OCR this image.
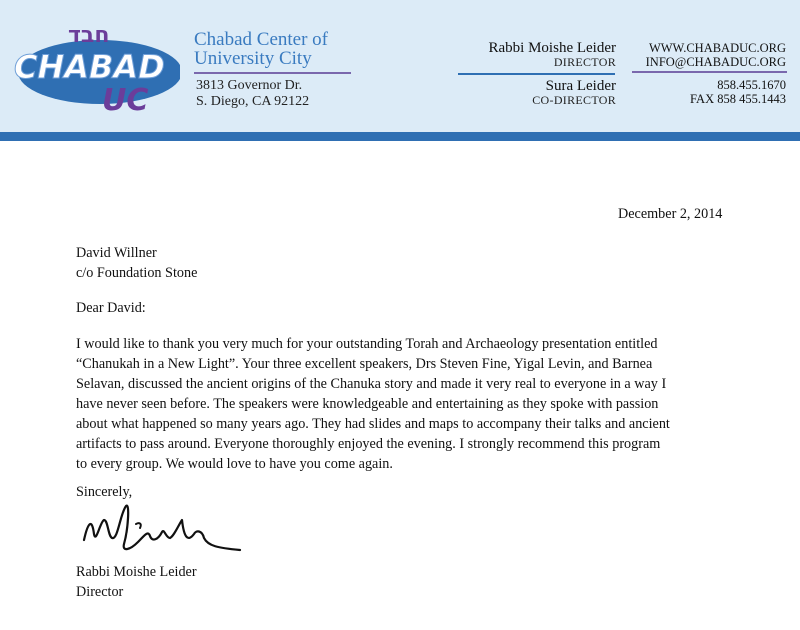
חבד
CHABAD
UC
Chabad Center of
University City
3813 Governor Dr.
S. Diego, CA 92122
Rabbi Moishe Leider
DIRECTOR
Sura Leider
CO-DIRECTOR
WWW.CHABADUC.ORG
INFO@CHABADUC.ORG
858.455.1670
FAX 858 455.1443
December 2, 2014
David Willner
c/o Foundation Stone
Dear David:
I would like to thank you very much for your outstanding Torah and Archaeology presentation entitled
“Chanukah in a New Light”. Your three excellent speakers, Drs Steven Fine, Yigal Levin, and Barnea
Selavan, discussed the ancient origins of the Chanuka story and made it very real to everyone in a way I
have never seen before. The speakers were knowledgeable and entertaining as they spoke with passion
about what happened so many years ago. They had slides and maps to accompany their talks and ancient
artifacts to pass around. Everyone thoroughly enjoyed the evening. I strongly recommend this program
to every group. We would love to have you come again.
Sincerely,
Rabbi Moishe Leider
Director
